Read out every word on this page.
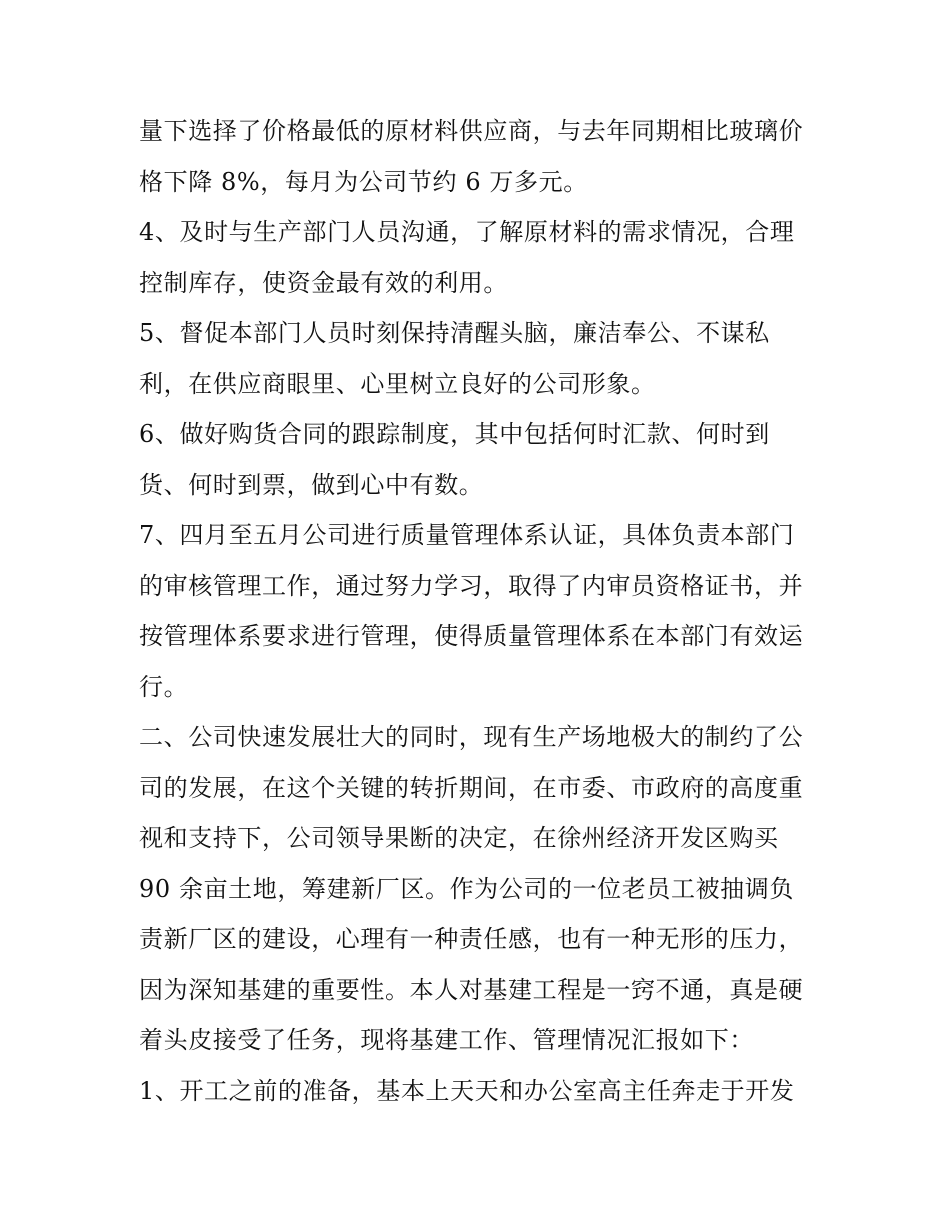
量下选择了价格最低的原材料供应商，与去年同期相比玻璃价
格下降 8%，每月为公司节约 6 万多元。
4、及时与生产部门人员沟通，了解原材料的需求情况，合理
控制库存，使资金最有效的利用。
5、督促本部门人员时刻保持清醒头脑，廉洁奉公、不谋私
利，在供应商眼里、心里树立良好的公司形象。
6、做好购货合同的跟踪制度，其中包括何时汇款、何时到
货、何时到票，做到心中有数。
7、四月至五月公司进行质量管理体系认证，具体负责本部门
的审核管理工作，通过努力学习，取得了内审员资格证书，并
按管理体系要求进行管理，使得质量管理体系在本部门有效运
行。
二、公司快速发展壮大的同时，现有生产场地极大的制约了公
司的发展，在这个关键的转折期间，在市委、市政府的高度重
视和支持下，公司领导果断的决定，在徐州经济开发区购买
90 余亩土地，筹建新厂区。作为公司的一位老员工被抽调负
责新厂区的建设，心理有一种责任感，也有一种无形的压力，
因为深知基建的重要性。本人对基建工程是一窍不通，真是硬
着头皮接受了任务，现将基建工作、管理情况汇报如下：
1、开工之前的准备，基本上天天和办公室高主任奔走于开发
